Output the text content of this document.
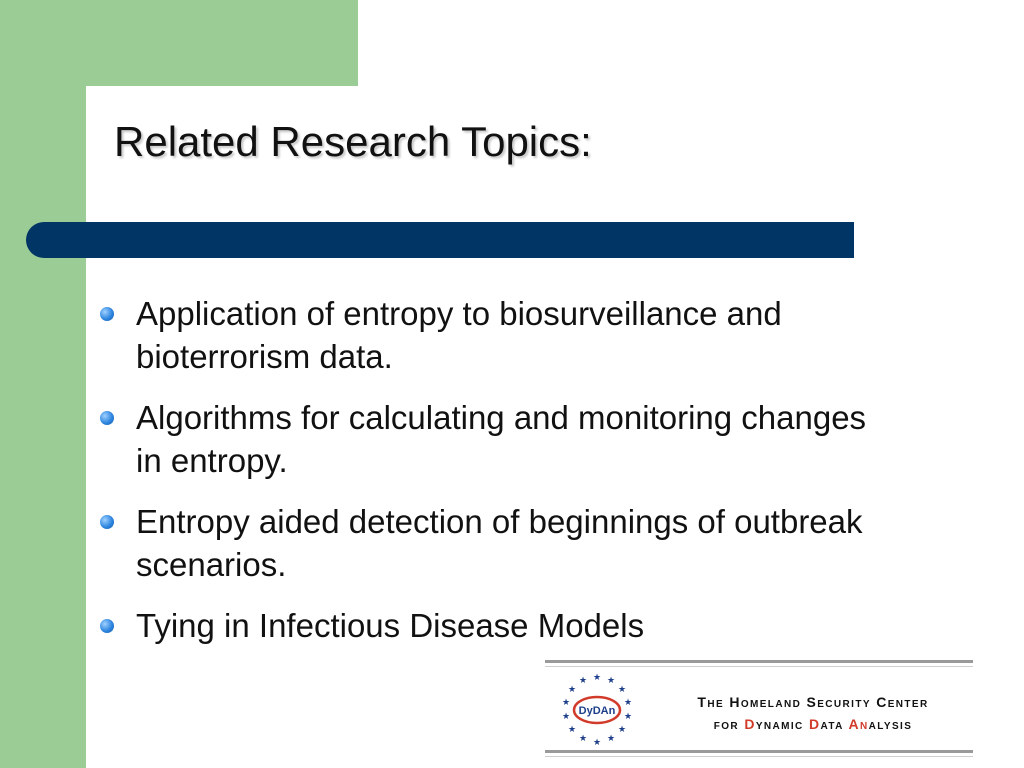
Related Research Topics:
Application of entropy to biosurveillance and bioterrorism data.
Algorithms for calculating and monitoring changes in entropy.
Entropy aided detection of beginnings of outbreak scenarios.
Tying in Infectious Disease Models
★ ★
★
★
★
★
★
★
★
★
★
★
★
★
DyDAn
The Homeland Security Center
for Dynamic Data Analysis
